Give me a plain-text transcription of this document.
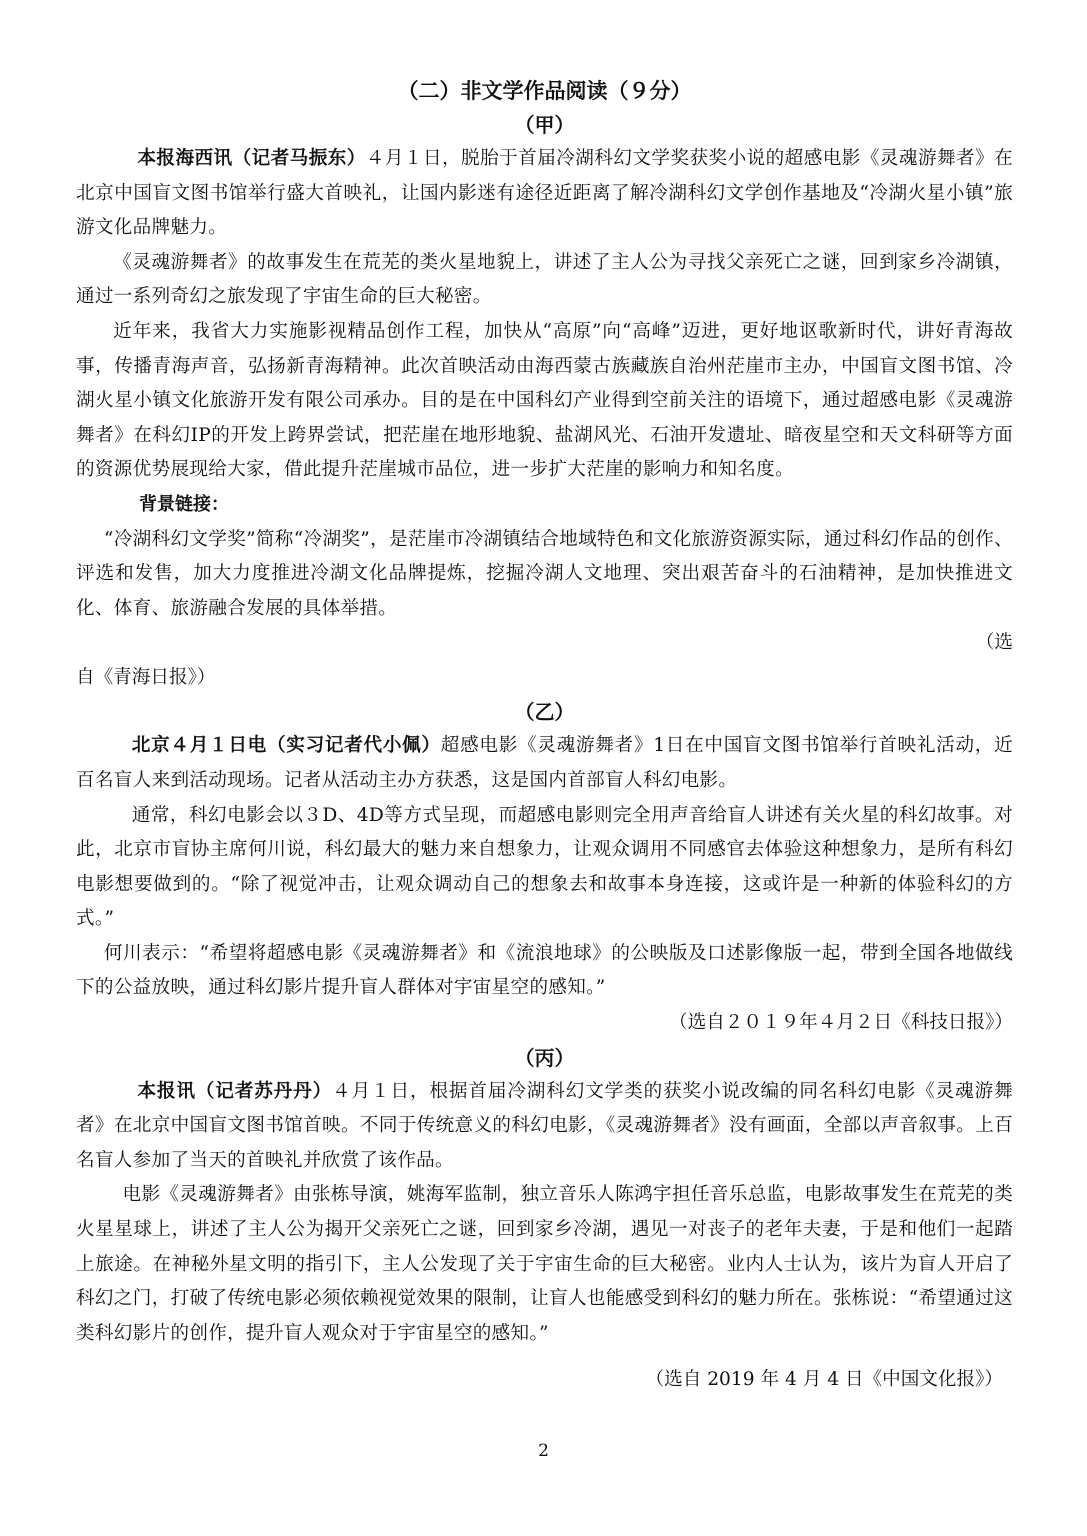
（二）非文学作品阅读（９分）
（甲）

本报海西讯（记者马振东）４月１日，脱胎于首届冷湖科幻文学奖获奖小说的超感电影《灵魂游舞者》在北京中国盲文图书馆举行盛大首映礼，让国内影迷有途径近距离了解冷湖科幻文学创作基地及“冷湖火星小镇”旅游文化品牌魅力。

《灵魂游舞者》的故事发生在荒芜的类火星地貌上，讲述了主人公为寻找父亲死亡之谜，回到家乡冷湖镇，通过一系列奇幻之旅发现了宇宙生命的巨大秘密。

近年来，我省大力实施影视精品创作工程，加快从“高原”向“高峰”迈进，更好地讴歌新时代，讲好青海故事，传播青海声音，弘扬新青海精神。此次首映活动由海西蒙古族藏族自治州茫崖市主办，中国盲文图书馆、冷湖火星小镇文化旅游开发有限公司承办。目的是在中国科幻产业得到空前关注的语境下，通过超感电影《灵魂游舞者》在科幻IP的开发上跨界尝试，把茫崖在地形地貌、盐湖风光、石油开发遗址、暗夜星空和天文科研等方面的资源优势展现给大家，借此提升茫崖城市品位，进一步扩大茫崖的影响力和知名度。

背景链接：

“冷湖科幻文学奖”简称“冷湖奖”，是茫崖市冷湖镇结合地域特色和文化旅游资源实际，通过科幻作品的创作、评选和发售，加大力度推进冷湖文化品牌提炼，挖掘冷湖人文地理、突出艰苦奋斗的石油精神，是加快推进文化、体育、旅游融合发展的具体举措。

（选
自《青海日报》）
（乙）

北京４月１日电（实习记者代小佩）超感电影《灵魂游舞者》1日在中国盲文图书馆举行首映礼活动，近百名盲人来到活动现场。记者从活动主办方获悉，这是国内首部盲人科幻电影。

通常，科幻电影会以３D、4D等方式呈现，而超感电影则完全用声音给盲人讲述有关火星的科幻故事。对此，北京市盲协主席何川说，科幻最大的魅力来自想象力，让观众调用不同感官去体验这种想象力，是所有科幻电影想要做到的。“除了视觉冲击，让观众调动自己的想象去和故事本身连接，这或许是一种新的体验科幻的方式。”

何川表示：“希望将超感电影《灵魂游舞者》和《流浪地球》的公映版及口述影像版一起，带到全国各地做线下的公益放映，通过科幻影片提升盲人群体对宇宙星空的感知。”

（选自２０１９年４月２日《科技日报》）

（丙）

本报讯（记者苏丹丹）４月１日，根据首届冷湖科幻文学类的获奖小说改编的同名科幻电影《灵魂游舞者》在北京中国盲文图书馆首映。不同于传统意义的科幻电影，《灵魂游舞者》没有画面，全部以声音叙事。上百名盲人参加了当天的首映礼并欣赏了该作品。

电影《灵魂游舞者》由张栋导演，姚海军监制，独立音乐人陈鸿宇担任音乐总监，电影故事发生在荒芜的类火星星球上，讲述了主人公为揭开父亲死亡之谜，回到家乡冷湖，遇见一对丧子的老年夫妻，于是和他们一起踏上旅途。在神秘外星文明的指引下，主人公发现了关于宇宙生命的巨大秘密。业内人士认为，该片为盲人开启了科幻之门，打破了传统电影必须依赖视觉效果的限制，让盲人也能感受到科幻的魅力所在。张栋说：“希望通过这类科幻影片的创作，提升盲人观众对于宇宙星空的感知。”

（选自 2019 年 4 月 4 日《中国文化报》）

2
